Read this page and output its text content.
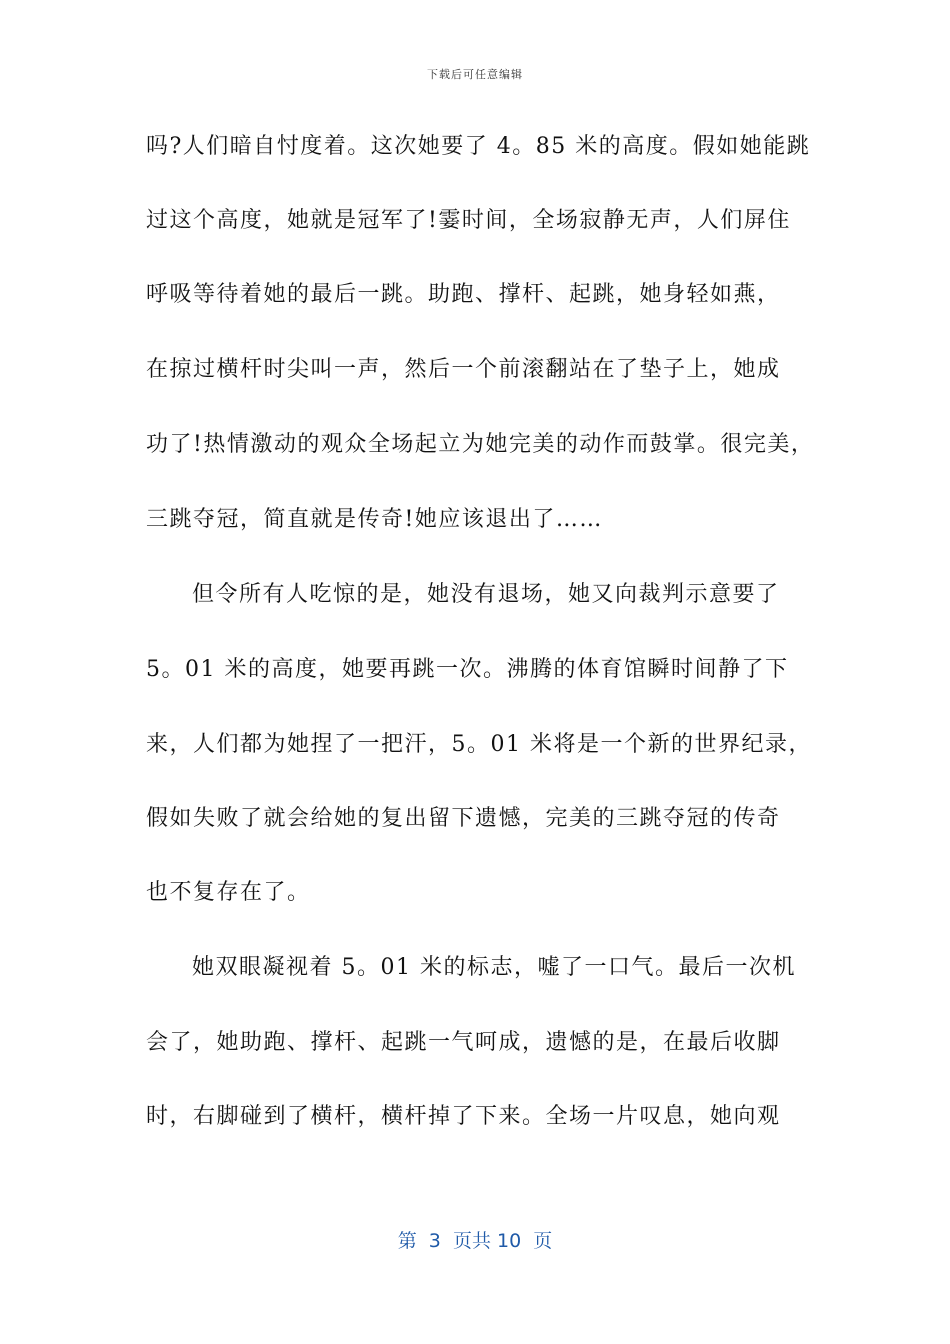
下载后可任意编辑
吗?人们暗自忖度着。这次她要了 4。85 米的高度。假如她能跳
过这个高度，她就是冠军了!霎时间，全场寂静无声，人们屏住
呼吸等待着她的最后一跳。助跑、撑杆、起跳，她身轻如燕，
在掠过横杆时尖叫一声，然后一个前滚翻站在了垫子上，她成
功了!热情激动的观众全场起立为她完美的动作而鼓掌。很完美，
三跳夺冠，简直就是传奇!她应该退出了……
但令所有人吃惊的是，她没有退场，她又向裁判示意要了
5。01 米的高度，她要再跳一次。沸腾的体育馆瞬时间静了下
来，人们都为她捏了一把汗，5。01 米将是一个新的世界纪录，
假如失败了就会给她的复出留下遗憾，完美的三跳夺冠的传奇
也不复存在了。
她双眼凝视着 5。01 米的标志，嘘了一口气。最后一次机
会了，她助跑、撑杆、起跳一气呵成，遗憾的是，在最后收脚
时，右脚碰到了横杆，横杆掉了下来。全场一片叹息，她向观
第  3  页共 10  页
